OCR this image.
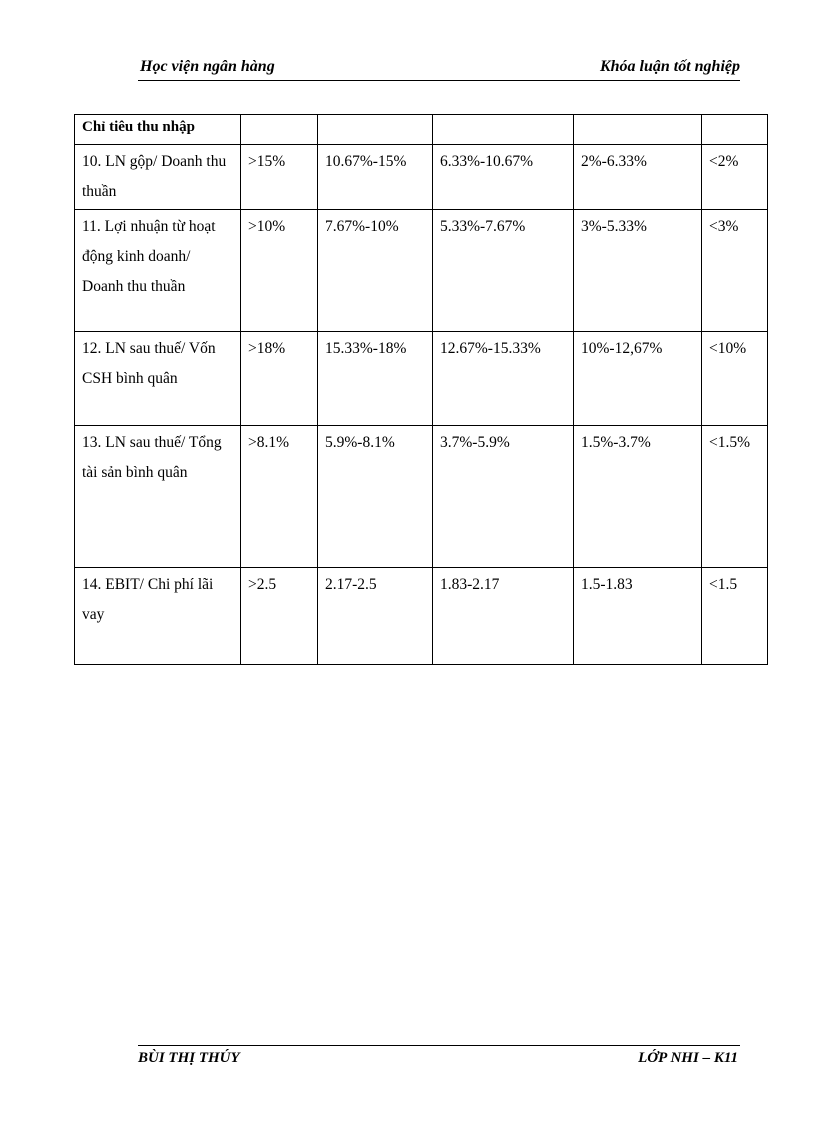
Học viện ngân hàng	Khóa luận tốt nghiệp
Chỉ tiêu thu nhập					
10. LN gộp/ Doanh thu thuần	>15%	10.67%-15%	6.33%-10.67%	2%-6.33%	<2%
11. Lợi nhuận từ hoạt động kinh doanh/ Doanh thu thuần	>10%	7.67%-10%	5.33%-7.67%	3%-5.33%	<3%
12. LN sau thuế/ Vốn CSH bình quân	>18%	15.33%-18%	12.67%-15.33%	10%-12,67%	<10%
13. LN sau thuế/ Tổng tài sản bình quân	>8.1%	5.9%-8.1%	3.7%-5.9%	1.5%-3.7%	<1.5%
14. EBIT/ Chi phí lãi vay	>2.5	2.17-2.5	1.83-2.17	1.5-1.83	<1.5
BÙI THỊ THÚY	LỚP NHI – K11
